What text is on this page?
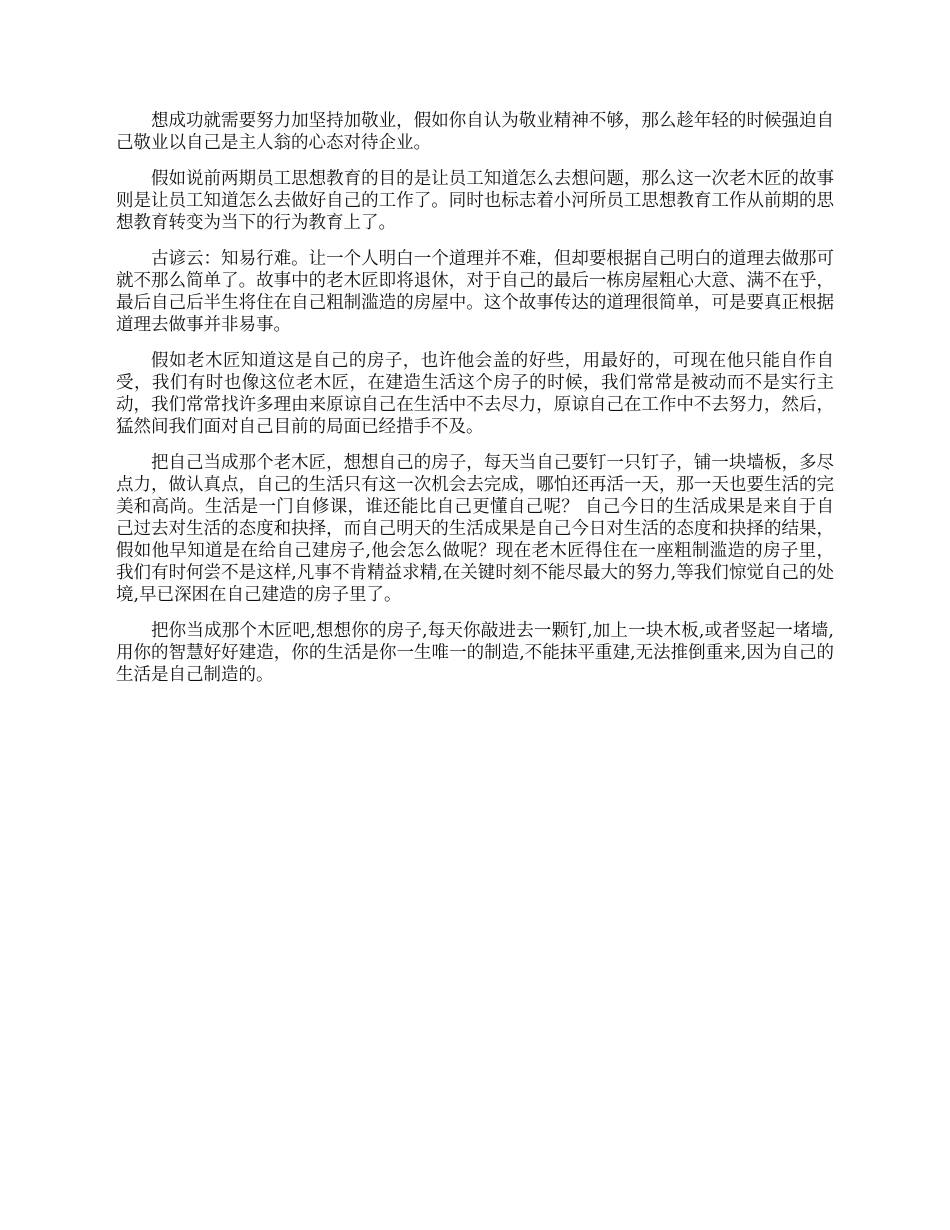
想成功就需要努力加坚持加敬业，假如你自认为敬业精神不够，那么趁年轻的时候强迫自己敬业以自己是主人翁的心态对待企业。

假如说前两期员工思想教育的目的是让员工知道怎么去想问题，那么这一次老木匠的故事则是让员工知道怎么去做好自己的工作了。同时也标志着小河所员工思想教育工作从前期的思想教育转变为当下的行为教育上了。

古谚云：知易行难。让一个人明白一个道理并不难，但却要根据自己明白的道理去做那可就不那么简单了。故事中的老木匠即将退休，对于自己的最后一栋房屋粗心大意、满不在乎，最后自己后半生将住在自己粗制滥造的房屋中。这个故事传达的道理很简单，可是要真正根据道理去做事并非易事。

假如老木匠知道这是自己的房子，也许他会盖的好些，用最好的，可现在他只能自作自受，我们有时也像这位老木匠，在建造生活这个房子的时候，我们常常是被动而不是实行主动，我们常常找许多理由来原谅自己在生活中不去尽力，原谅自己在工作中不去努力，然后，猛然间我们面对自己目前的局面已经措手不及。

把自己当成那个老木匠，想想自己的房子，每天当自己要钉一只钉子，铺一块墙板，多尽点力，做认真点，自己的生活只有这一次机会去完成，哪怕还再活一天，那一天也要生活的完美和高尚。生活是一门自修课，谁还能比自己更懂自己呢？ 自己今日的生活成果是来自于自己过去对生活的态度和抉择，而自己明天的生活成果是自己今日对生活的态度和抉择的结果，假如他早知道是在给自己建房子,他会怎么做呢？现在老木匠得住在一座粗制滥造的房子里，我们有时何尝不是这样,凡事不肯精益求精,在关键时刻不能尽最大的努力,等我们惊觉自己的处境,早已深困在自己建造的房子里了。

把你当成那个木匠吧,想想你的房子,每天你敲进去一颗钉,加上一块木板,或者竖起一堵墙,用你的智慧好好建造，你的生活是你一生唯一的制造,不能抹平重建,无法推倒重来,因为自己的生活是自己制造的。
